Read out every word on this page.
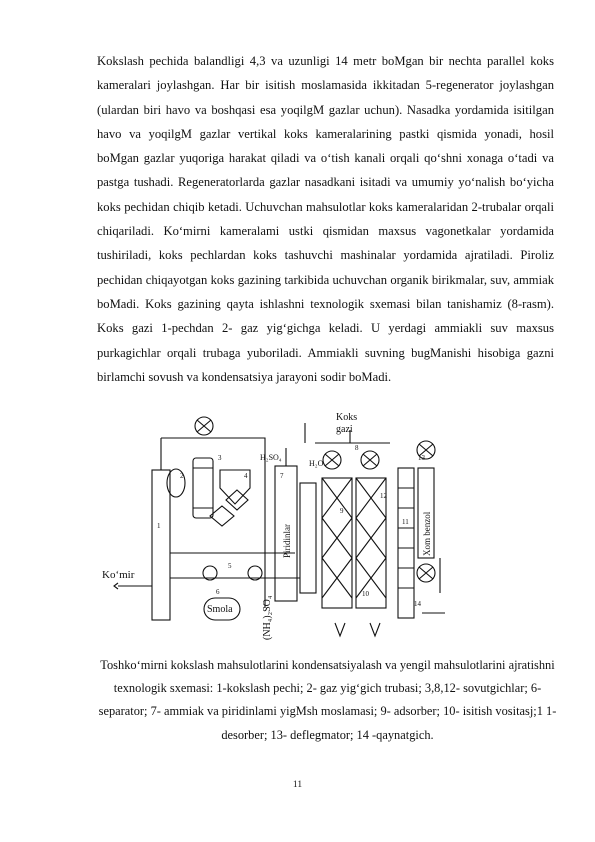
Kokslash pechida balandligi 4,3 va uzunligi 14 metr boMgan bir nechta parallel koks kameralari joylashgan. Har bir isitish moslamasida ikkitadan 5-regenerator joylashgan (ulardan biri havo va boshqasi esa yoqilgM gazlar uchun). Nasadka yordamida isitilgan havo va yoqilgM gazlar vertikal koks kameralarining pastki qismida yonadi, hosil boMgan gazlar yuqoriga harakat qiladi va o‘tish kanali orqali qo‘shni xonaga o‘tadi va pastga tushadi. Regeneratorlarda gazlar nasadkani isitadi va umumiy yo‘nalish bo‘yicha koks pechidan chiqib ketadi. Uchuvchan mahsulotlar koks kameralaridan 2-trubalar orqali chiqariladi. Ko‘mirni kameralami ustki qismidan maxsus vagonetkalar yordamida tushiriladi, koks pechlardan koks tashuvchi mashinalar yordamida ajratiladi. Piroliz pechidan chiqayotgan koks gazining tarkibida uchuvchan organik birikmalar, suv, ammiak boMadi. Koks gazining qayta ishlashni texnologik sxemasi bilan tanishamiz (8-rasm). Koks gazi 1-pechdan 2- gaz yig‘gichga keladi. U yerdagi ammiakli suv maxsus purkagichlar orqali trubaga yuboriladi. Ammiakli suvning bugManishi hisobiga gazni birlamchi sovush va kondensatsiya jarayoni sodir boMadi.

Ko‘mir
Smola
Koks
gazi
H₂SO₄
H₂O
Piridinlar
(NH₄)₂SO₄
Xom benzol
1
2
3
4
5
6
7
8
9
10
11
12
13
14

Toshko‘mirni kokslash mahsulotlarini kondensatsiyalash va yengil mahsulotlarini ajratishni texnologik sxemasi: 1-kokslash pechi; 2- gaz yig‘gich trubasi; 3,8,12- sovutgichlar; 6- separator; 7- ammiak va piridinlami yigMsh moslamasi; 9- adsorber; 10- isitish vositasj;1 1- desorber; 13- deflegmator; 14 -qaynatgich.

11
